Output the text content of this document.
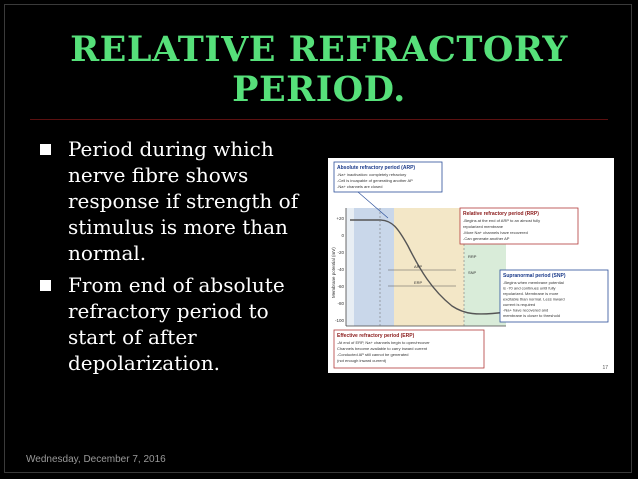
RELATIVE REFRACTORY
PERIOD.
Period during which nerve fibre shows response if strength of stimulus is more than normal.
From end of absolute refractory period to start of after depolarization.
+20
0
-20
-40
-60
-80
-100
Membrane potential (mV)	ARP
ERP
RRP
SNP
Absolute refractory period (ARP)
-Na+ inactivation: completely refractory
-Cell is incapable of generating another AP
-Na+ channels are closed
Relative refractory period (RRP)
-Begins at the end of ARP to an almost fully
repolarized membrane
-More Na+ channels have recovered
-Can generate another AP
Supranormal period (SNP)
-Begins when membrane potential
is -70 and continues until fully
repolarized. Membrane is more
excitable than normal. Less inward
current is required
-Na+ have recovered and
membrane is closer to threshold
Effective refractory period (ERP)
-At end of ERP, Na+ channels begin to open/recover
Channels become available to carry inward current
-Conducted AP still cannot be generated
(not enough inward current)
17
Wednesday, December 7, 2016
